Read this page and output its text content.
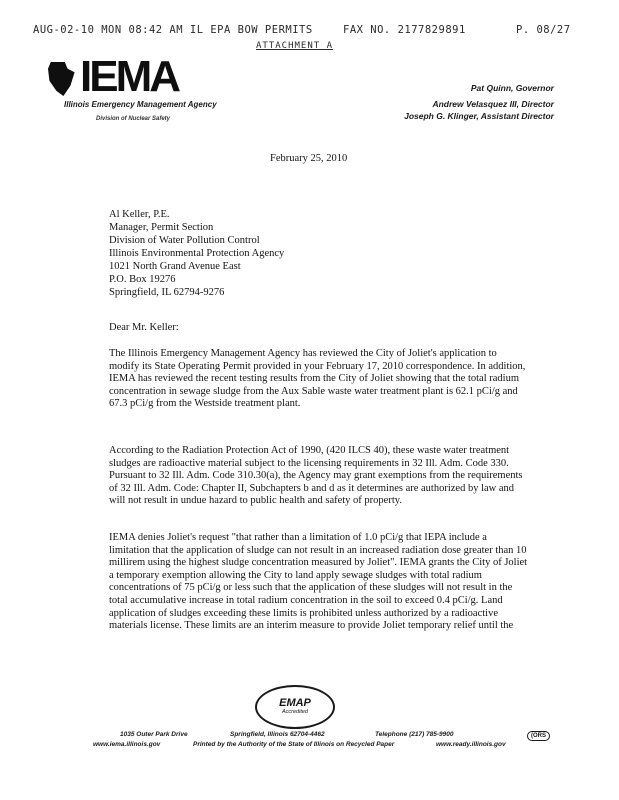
AUG-02-10 MON 08:42 AM IL EPA BOW PERMITS	FAX NO. 2177829891	P. 08/27
ATTACHMENT A
IEMA
Illinois Emergency Management Agency
Division of Nuclear Safety
Pat Quinn, Governor
Andrew Velasquez III, Director
Joseph G. Klinger, Assistant Director
February 25, 2010
Al Keller, P.E.
Manager, Permit Section
Division of Water Pollution Control
Illinois Environmental Protection Agency
1021 North Grand Avenue East
P.O. Box 19276
Springfield, IL 62794-9276
Dear Mr. Keller:
The Illinois Emergency Management Agency has reviewed the City of Joliet's application to modify its State Operating Permit provided in your February 17, 2010 correspondence. In addition, IEMA has reviewed the recent testing results from the City of Joliet showing that the total radium concentration in sewage sludge from the Aux Sable waste water treatment plant is 62.1 pCi/g and 67.3 pCi/g from the Westside treatment plant.
According to the Radiation Protection Act of 1990, (420 ILCS 40), these waste water treatment sludges are radioactive material subject to the licensing requirements in 32 Ill. Adm. Code 330. Pursuant to 32 Ill. Adm. Code 310.30(a), the Agency may grant exemptions from the requirements of 32 Ill. Adm. Code: Chapter II, Subchapters b and d as it determines are authorized by law and will not result in undue hazard to public health and safety of property.
IEMA denies Joliet's request "that rather than a limitation of 1.0 pCi/g that IEPA include a limitation that the application of sludge can not result in an increased radiation dose greater than 10 millirem using the highest sludge concentration measured by Joliet". IEMA grants the City of Joliet a temporary exemption allowing the City to land apply sewage sludges with total radium concentrations of 75 pCi/g or less such that the application of these sludges will not result in the total accumulative increase in total radium concentration in the soil to exceed 0.4 pCi/g. Land application of sludges exceeding these limits is prohibited unless authorized by a radioactive materials license. These limits are an interim measure to provide Joliet temporary relief until the
EMAP
Accredited
1035 Outer Park Drive	Springfield, Illinois 62704-4462	Telephone (217) 785-9900
www.iema.illinois.gov	Printed by the Authority of the State of Illinois on Recycled Paper	www.ready.illinois.gov
(ORS
